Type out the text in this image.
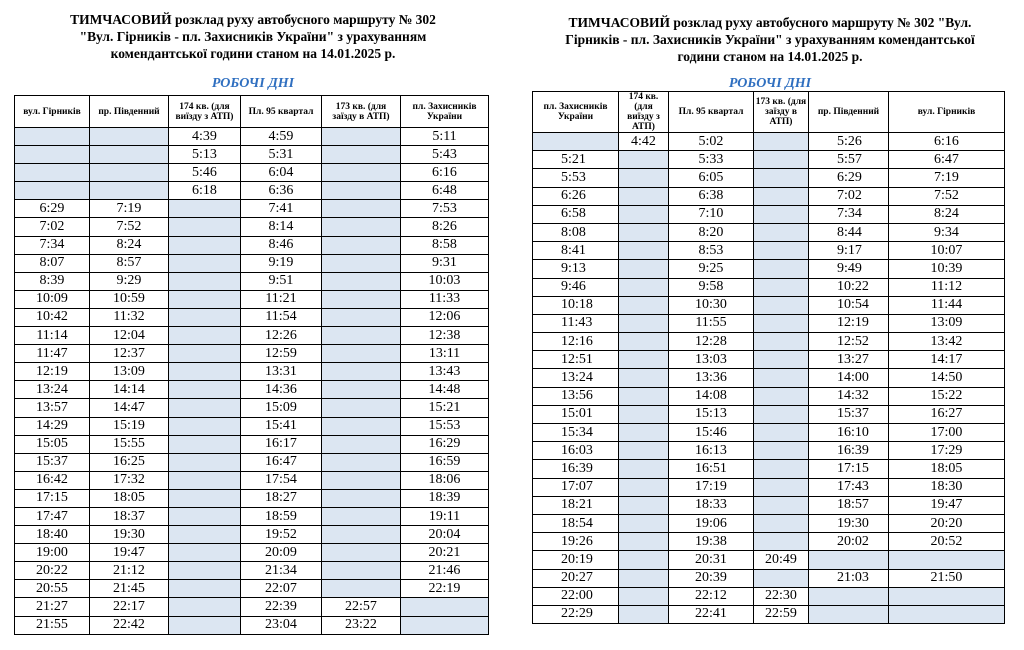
ТИМЧАСОВИЙ розклад руху автобусного маршруту № 302
"Вул. Гірників - пл. Захисників України" з урахуванням
комендантської години станом на 14.01.2025 р.
РОБОЧІ ДНІ
вул. Гірників	пр. Південний	174 кв. (для виїзду з АТП)	Пл. 95 квартал	173 кв. (для заїзду в АТП)	пл. Захисників України
		4:39	4:59		5:11
		5:13	5:31		5:43
		5:46	6:04		6:16
		6:18	6:36		6:48
6:29	7:19		7:41		7:53
7:02	7:52		8:14		8:26
7:34	8:24		8:46		8:58
8:07	8:57		9:19		9:31
8:39	9:29		9:51		10:03
10:09	10:59		11:21		11:33
10:42	11:32		11:54		12:06
11:14	12:04		12:26		12:38
11:47	12:37		12:59		13:11
12:19	13:09		13:31		13:43
13:24	14:14		14:36		14:48
13:57	14:47		15:09		15:21
14:29	15:19		15:41		15:53
15:05	15:55		16:17		16:29
15:37	16:25		16:47		16:59
16:42	17:32		17:54		18:06
17:15	18:05		18:27		18:39
17:47	18:37		18:59		19:11
18:40	19:30		19:52		20:04
19:00	19:47		20:09		20:21
20:22	21:12		21:34		21:46
20:55	21:45		22:07		22:19
21:27	22:17		22:39	22:57	
21:55	22:42		23:04	23:22	
ТИМЧАСОВИЙ розклад руху автобусного маршруту № 302 "Вул.
Гірників - пл. Захисників України" з урахуванням комендантської
години станом на 14.01.2025 р.
РОБОЧІ ДНІ
пл. Захисників України	174 кв. (для виїзду з АТП)	Пл. 95 квартал	173 кв. (для заїзду в АТП)	пр. Південний	вул. Гірників
	4:42	5:02		5:26	6:16
5:21		5:33		5:57	6:47
5:53		6:05		6:29	7:19
6:26		6:38		7:02	7:52
6:58		7:10		7:34	8:24
8:08		8:20		8:44	9:34
8:41		8:53		9:17	10:07
9:13		9:25		9:49	10:39
9:46		9:58		10:22	11:12
10:18		10:30		10:54	11:44
11:43		11:55		12:19	13:09
12:16		12:28		12:52	13:42
12:51		13:03		13:27	14:17
13:24		13:36		14:00	14:50
13:56		14:08		14:32	15:22
15:01		15:13		15:37	16:27
15:34		15:46		16:10	17:00
16:03		16:13		16:39	17:29
16:39		16:51		17:15	18:05
17:07		17:19		17:43	18:30
18:21		18:33		18:57	19:47
18:54		19:06		19:30	20:20
19:26		19:38		20:02	20:52
20:19		20:31	20:49		
20:27		20:39		21:03	21:50
22:00		22:12	22:30		
22:29		22:41	22:59		
